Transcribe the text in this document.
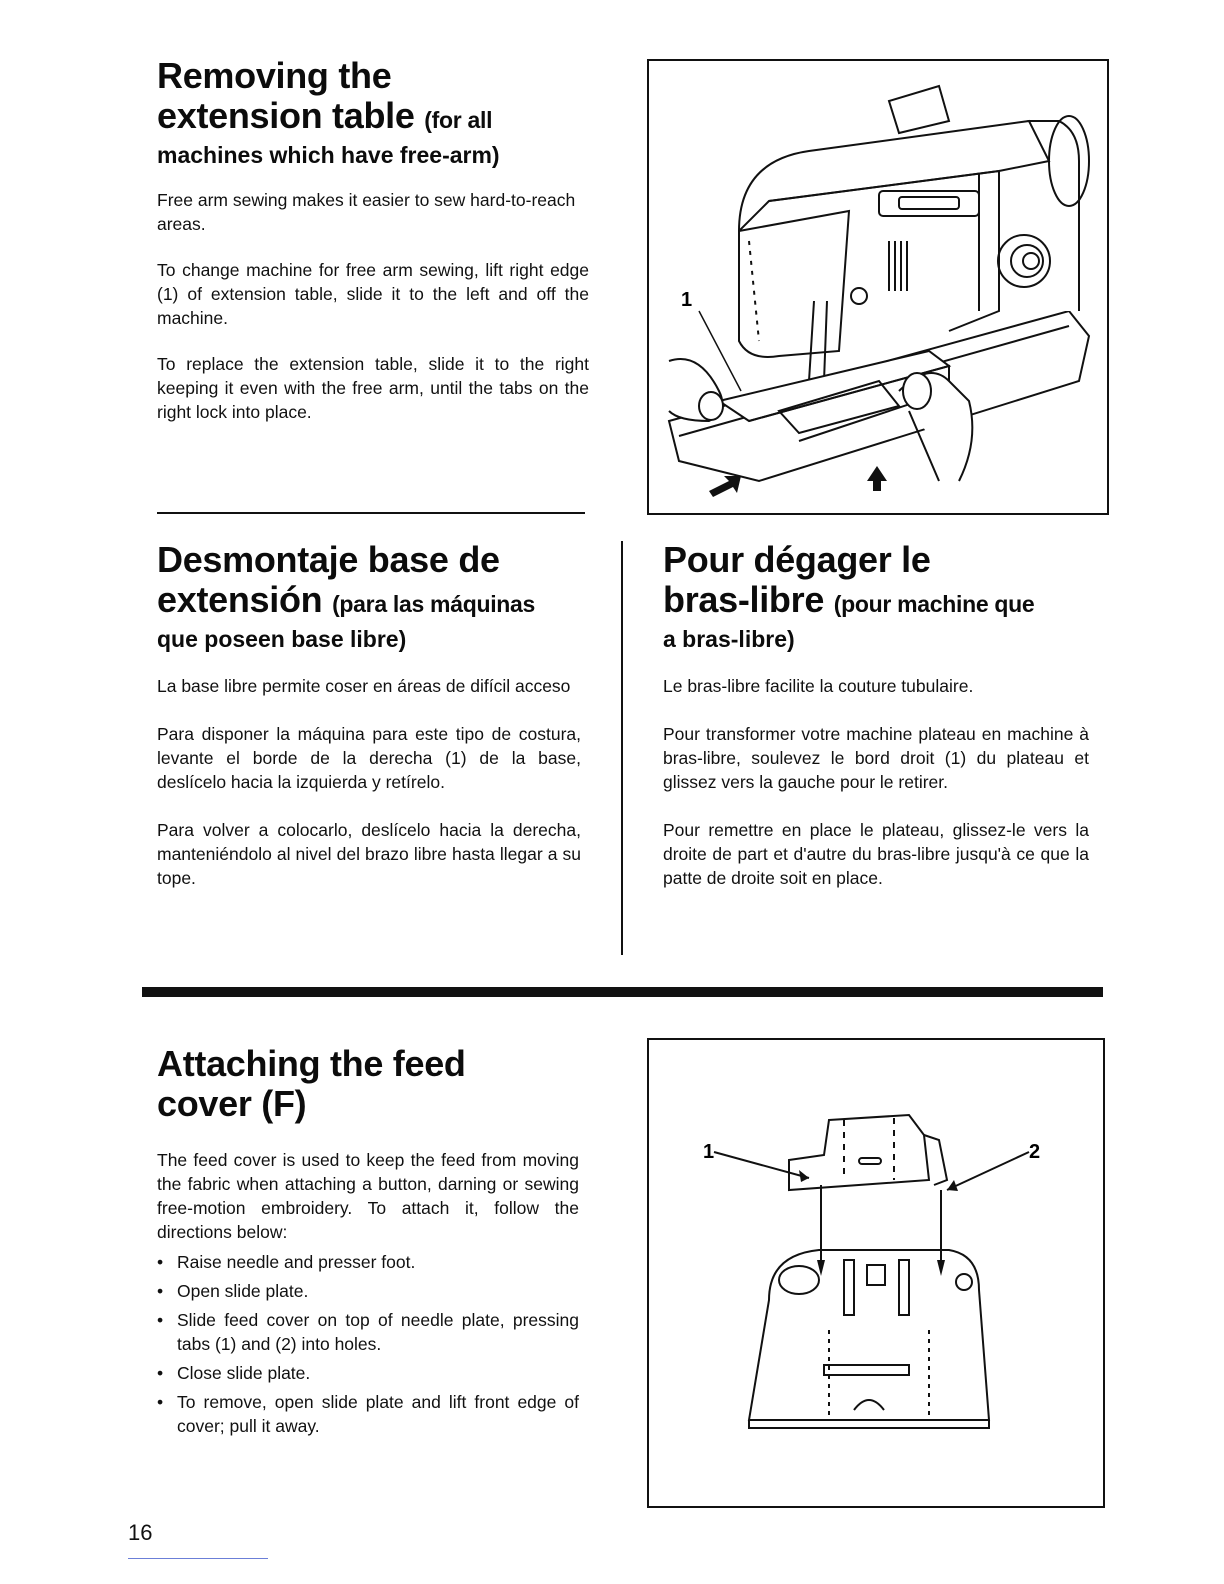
Removing the
extension table (for all
machines which have free-arm)

Free arm sewing makes it easier to sew hard-to-reach areas.

To change machine for free arm sewing, lift right edge (1) of extension table, slide it to the left and off the machine.

To replace the extension table, slide it to the right keeping it even with the free arm, until the tabs on the right lock into place.

1
Desmontaje base de
extensión (para las máquinas
que poseen base libre)

La base libre permite coser en áreas de difícil acceso

Para disponer la máquina para este tipo de costura, levante el borde de la derecha (1) de la base, deslícelo hacia la izquierda y retírelo.

Para volver a colocarlo, deslícelo hacia la derecha, manteniéndolo al nivel del brazo libre hasta llegar a su tope.

Pour dégager le
bras-libre (pour machine que
a bras-libre)

Le bras-libre facilite la couture tubulaire.

Pour transformer votre machine plateau en machine à bras-libre, soulevez le bord droit (1) du plateau et glissez vers la gauche pour le retirer.

Pour remettre en place le plateau, glissez-le vers la droite de part et d'autre du bras-libre jusqu'à ce que la patte de droite soit en place.

Attaching the feed
cover (F)

The feed cover is used to keep the feed from moving the fabric when attaching a button, darning or sewing free-motion embroidery. To attach it, follow the directions below:

• Raise needle and presser foot.
• Open slide plate.
• Slide feed cover on top of needle plate, pressing tabs (1) and (2) into holes.
• Close slide plate.
• To remove, open slide plate and lift front edge of cover; pull it away.
1	2
16
